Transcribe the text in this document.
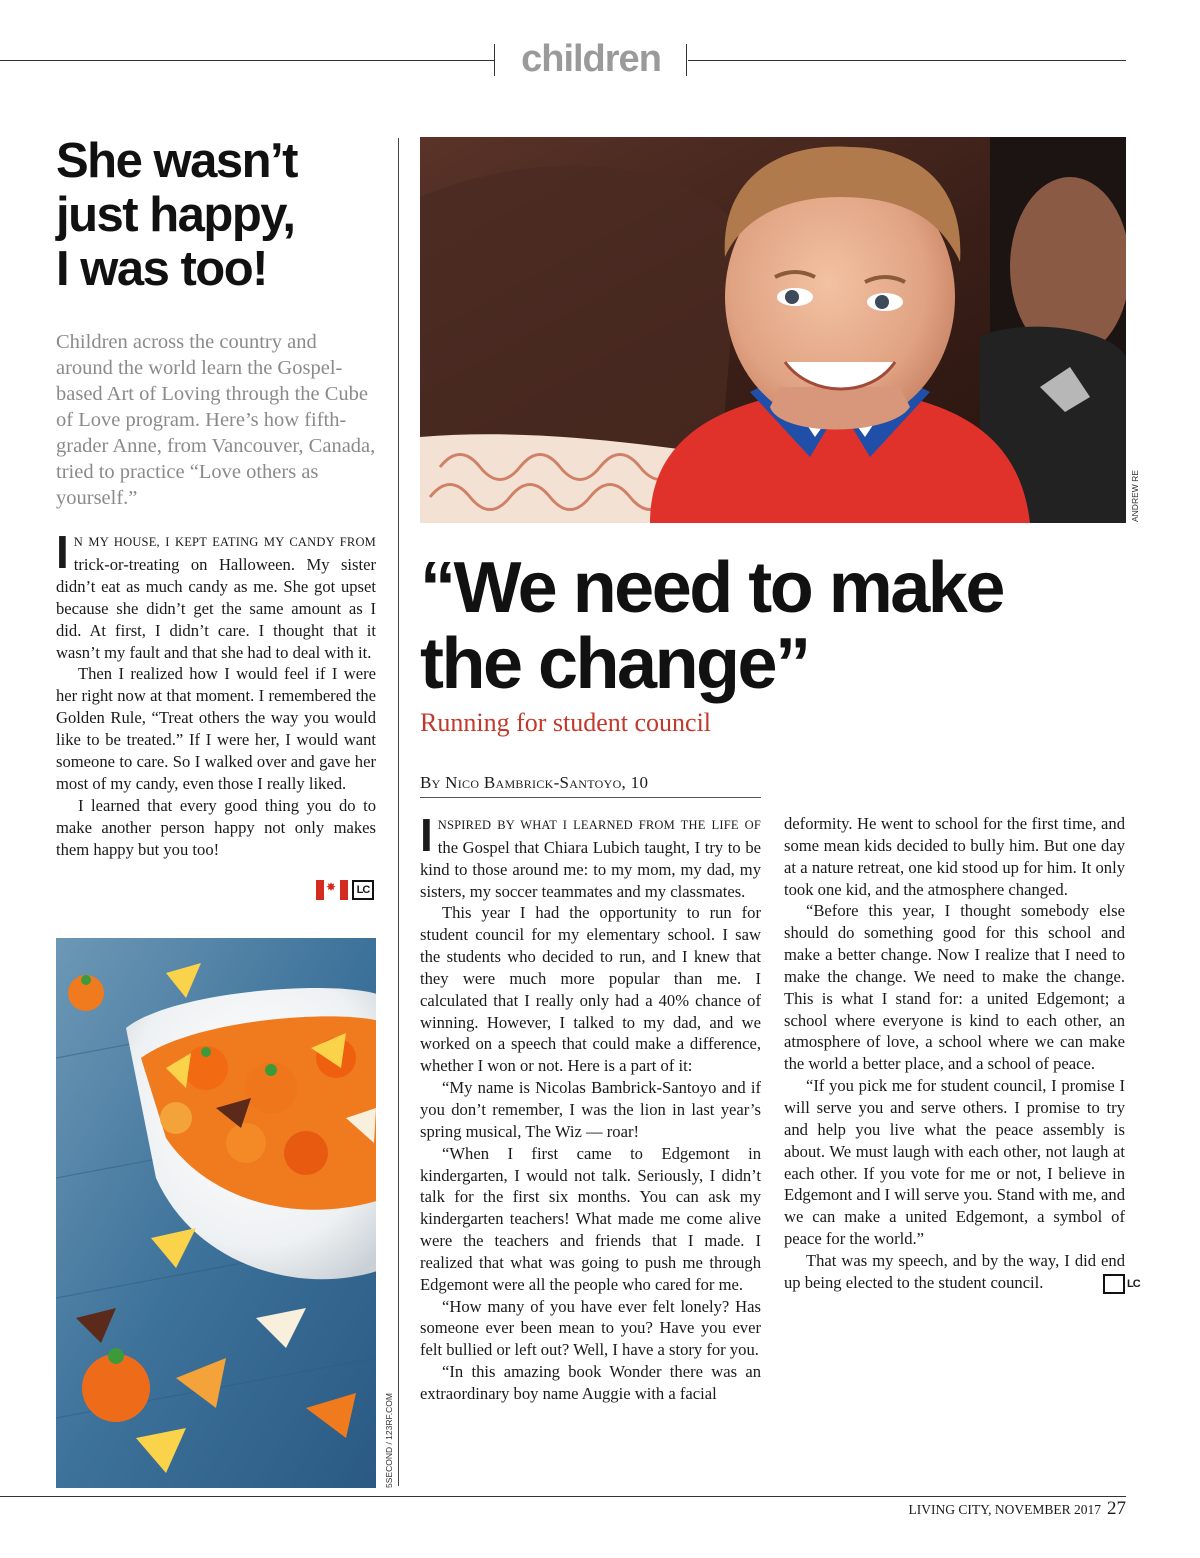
children
She wasn’t
just happy,
I was too!

Children across the country and around the world learn the Gospel-based Art of Loving through the Cube of Love program. Here’s how fifth-grader Anne, from Vancouver, Canada, tried to practice “Love others as yourself.”

I N MY HOUSE, I KEPT EATING MY CANDY FROM trick-or-treating on Halloween. My sister didn’t eat as much candy as me. She got upset because she didn’t get the same amount as I did. At first, I didn’t care. I thought that it wasn’t my fault and that she had to deal with it.

Then I realized how I would feel if I were her right now at that moment. I remembered the Golden Rule, “Treat others the way you would like to be treated.” If I were her, I would want someone to care. So I walked over and gave her most of my candy, even those I really liked.

I learned that every good thing you do to make another person happy not only makes them happy but you too!

✸
LC
5SECOND / 123RF.COM
ANDREW RE
“We need to make
the change”
Running for student council
By Nico Bambrick-Santoyo, 10

INSPIRED BY WHAT I LEARNED FROM THE LIFE OF the Gospel that Chiara Lubich taught, I try to be kind to those around me: to my mom, my dad, my sisters, my soccer teammates and my classmates.

This year I had the opportunity to run for student council for my elementary school. I saw the students who decided to run, and I knew that they were much more popular than me. I calculated that I really only had a 40% chance of winning. However, I talked to my dad, and we worked on a speech that could make a difference, whether I won or not. Here is a part of it:

“My name is Nicolas Bambrick-Santoyo and if you don’t remember, I was the lion in last year’s spring musical, The Wiz — roar!

“When I first came to Edgemont in kindergarten, I would not talk. Seriously, I didn’t talk for the first six months. You can ask my kindergarten teachers! What made me come alive were the teachers and friends that I made. I realized that what was going to push me through Edgemont were all the people who cared for me.

“How many of you have ever felt lonely? Has someone ever been mean to you? Have you ever felt bullied or left out? Well, I have a story for you.

“In this amazing book Wonder there was an extraordinary boy name Auggie with a facial

deformity. He went to school for the first time, and some mean kids decided to bully him. But one day at a nature retreat, one kid stood up for him. It only took one kid, and the atmosphere changed.

“Before this year, I thought somebody else should do something good for this school and make a better change. Now I realize that I need to make the change. We need to make the change. This is what I stand for: a united Edgemont; a school where everyone is kind to each other, an atmosphere of love, a school where we can make the world a better place, and a school of peace.

“If you pick me for student council, I promise I will serve you and serve others. I promise to try and help you live what the peace assembly is about. We must laugh with each other, not laugh at each other. If you vote for me or not, I believe in Edgemont and I will serve you. Stand with me, and we can make a united Edgemont, a symbol of peace for the world.”

That was my speech, and by the way, I did end up being elected to the student council.	LC

LIVING CITY, NOVEMBER 2017 27
